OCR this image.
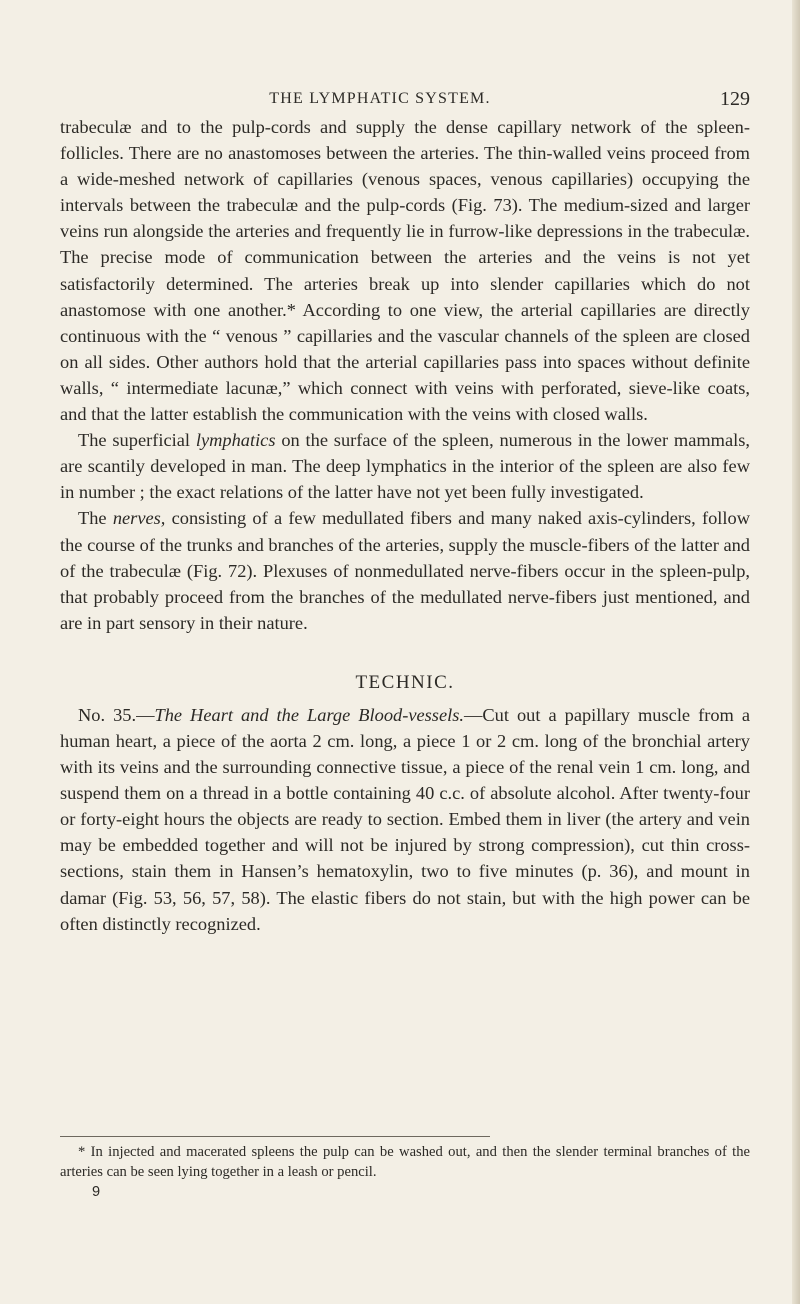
THE LYMPHATIC SYSTEM.	129

trabeculæ and to the pulp-cords and supply the dense capillary network of the spleen-follicles. There are no anastomoses between the arteries. The thin-walled veins proceed from a wide-meshed network of capillaries (venous spaces, venous capillaries) occupying the intervals between the trabeculæ and the pulp-cords (Fig. 73). The medium-sized and larger veins run alongside the arteries and frequently lie in furrow-like depressions in the trabeculæ. The precise mode of communication between the arteries and the veins is not yet satisfactorily determined. The arteries break up into slender capillaries which do not anastomose with one another.* According to one view, the arterial capillaries are directly continuous with the “ venous ” capillaries and the vascular channels of the spleen are closed on all sides. Other authors hold that the arterial capillaries pass into spaces without definite walls, “ intermediate lacunæ,” which connect with veins with perforated, sieve-like coats, and that the latter establish the communication with the veins with closed walls.

The superficial lymphatics on the surface of the spleen, numerous in the lower mammals, are scantily developed in man. The deep lymphatics in the interior of the spleen are also few in number ; the exact relations of the latter have not yet been fully investigated.

The nerves, consisting of a few medullated fibers and many naked axis-cylinders, follow the course of the trunks and branches of the arteries, supply the muscle-fibers of the latter and of the trabeculæ (Fig. 72). Plexuses of nonmedullated nerve-fibers occur in the spleen-pulp, that probably proceed from the branches of the medullated nerve-fibers just mentioned, and are in part sensory in their nature.

TECHNIC.

No. 35.—The Heart and the Large Blood-vessels.—Cut out a papillary muscle from a human heart, a piece of the aorta 2 cm. long, a piece 1 or 2 cm. long of the bronchial artery with its veins and the surrounding connective tissue, a piece of the renal vein 1 cm. long, and suspend them on a thread in a bottle containing 40 c.c. of absolute alcohol. After twenty-four or forty-eight hours the objects are ready to section. Embed them in liver (the artery and vein may be embedded together and will not be injured by strong compression), cut thin cross-sections, stain them in Hansen’s hematoxylin, two to five minutes (p. 36), and mount in damar (Fig. 53, 56, 57, 58). The elastic fibers do not stain, but with the high power can be often distinctly recognized.

* In injected and macerated spleens the pulp can be washed out, and then the slender terminal branches of the arteries can be seen lying together in a leash or pencil.
9
